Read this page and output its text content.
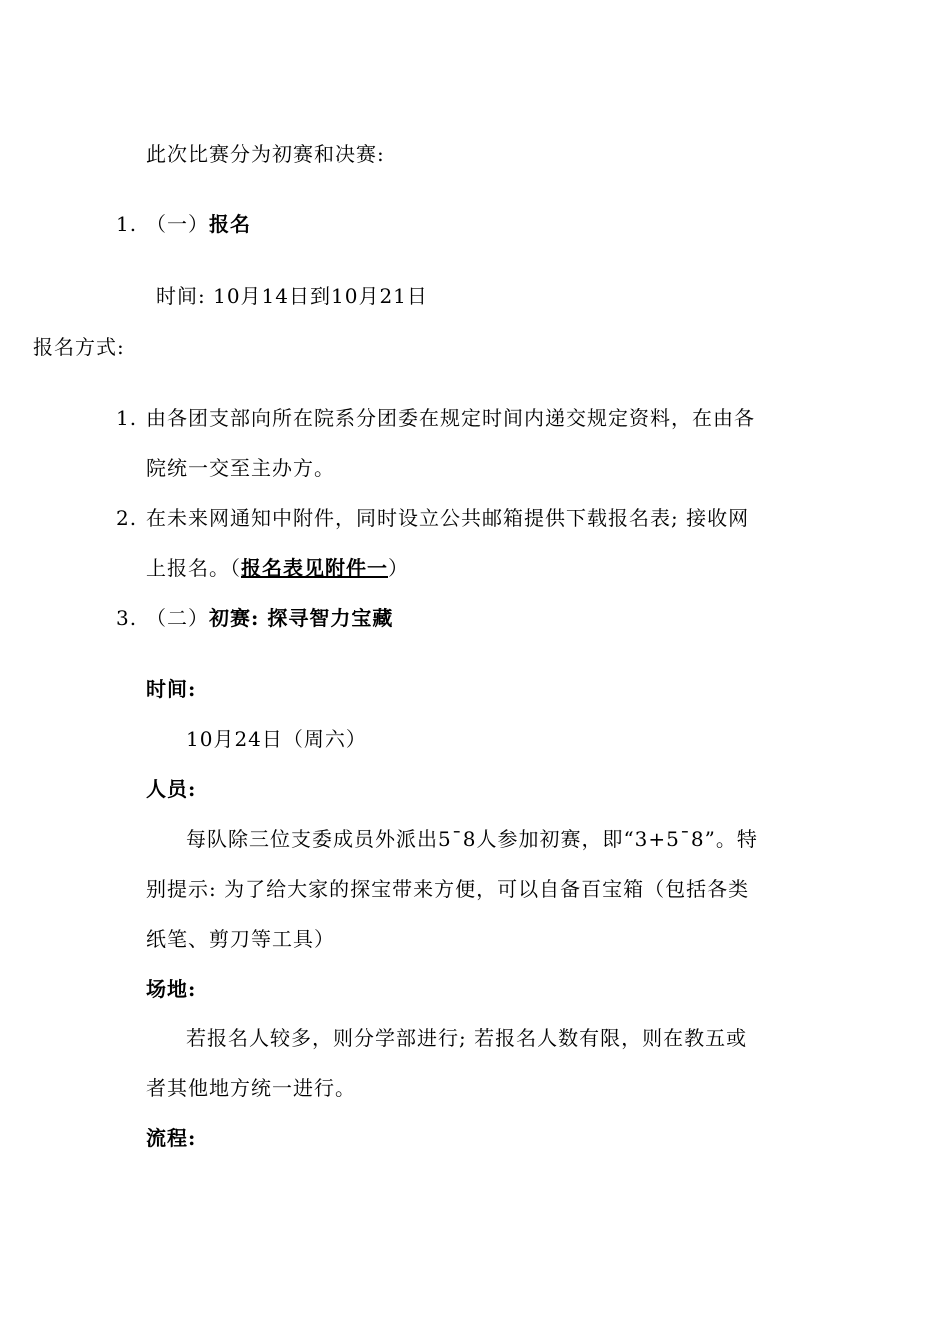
此次比赛分为初赛和决赛:
1. （一）报名
时间: 10月14日到10月21日
报名方式:
1. 由各团支部向所在院系分团委在规定时间内递交规定资料，在由各
院统一交至主办方。
2. 在未来网通知中附件，同时设立公共邮箱提供下载报名表; 接收网
上报名。（报名表见附件一）
3. （二）初赛: 探寻智力宝藏
时间:
10月24日（周六）
人员:
每队除三位支委成员外派出5¯8人参加初赛，即“3+5¯8”。特
别提示: 为了给大家的探宝带来方便，可以自备百宝箱（包括各类
纸笔、剪刀等工具）
场地:
若报名人较多，则分学部进行; 若报名人数有限，则在教五或
者其他地方统一进行。
流程:
